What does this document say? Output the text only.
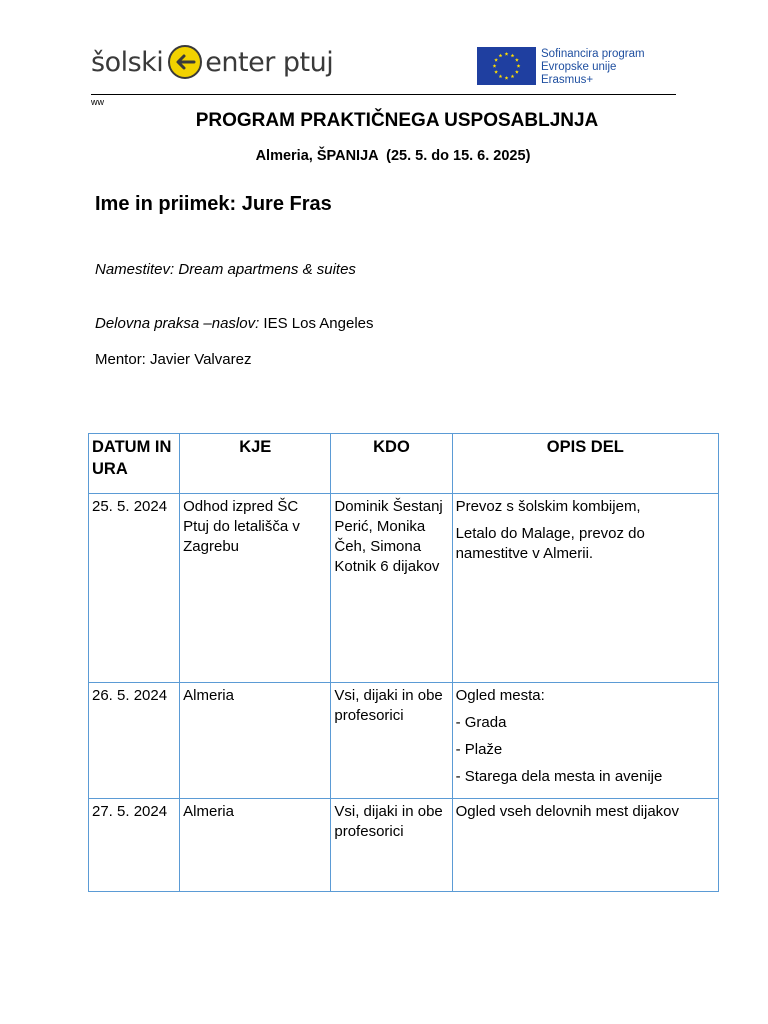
šolski enter ptuj	Sofinancira program
Evropske unije
Erasmus+
ww
PROGRAM PRAKTIČNEGA USPOSABLJNJA
Almeria, ŠPANIJA  (25. 5. do 15. 6. 2025)
Ime in priimek: Jure Fras
Namestitev: Dream apartmens & suites
Delovna praksa –naslov: IES Los Angeles
Mentor: Javier Valvarez
DATUM IN URA	KJE	KDO	OPIS DEL
25. 5. 2024	Odhod izpred ŠC Ptuj do letališča v Zagrebu	Dominik Šestanj Perić, Monika Čeh, Simona Kotnik 6 dijakov	Prevoz s šolskim kombijem,
Letalo do Malage, prevoz do namestitve v Almerii.

26. 5. 2024	Almeria	Vsi, dijaki in obe profesorici	Ogled mesta:
- Grada
- Plaže
- Starega dela mesta in avenije

27. 5. 2024	Almeria	Vsi, dijaki in obe profesorici	Ogled vseh delovnih mest dijakov
